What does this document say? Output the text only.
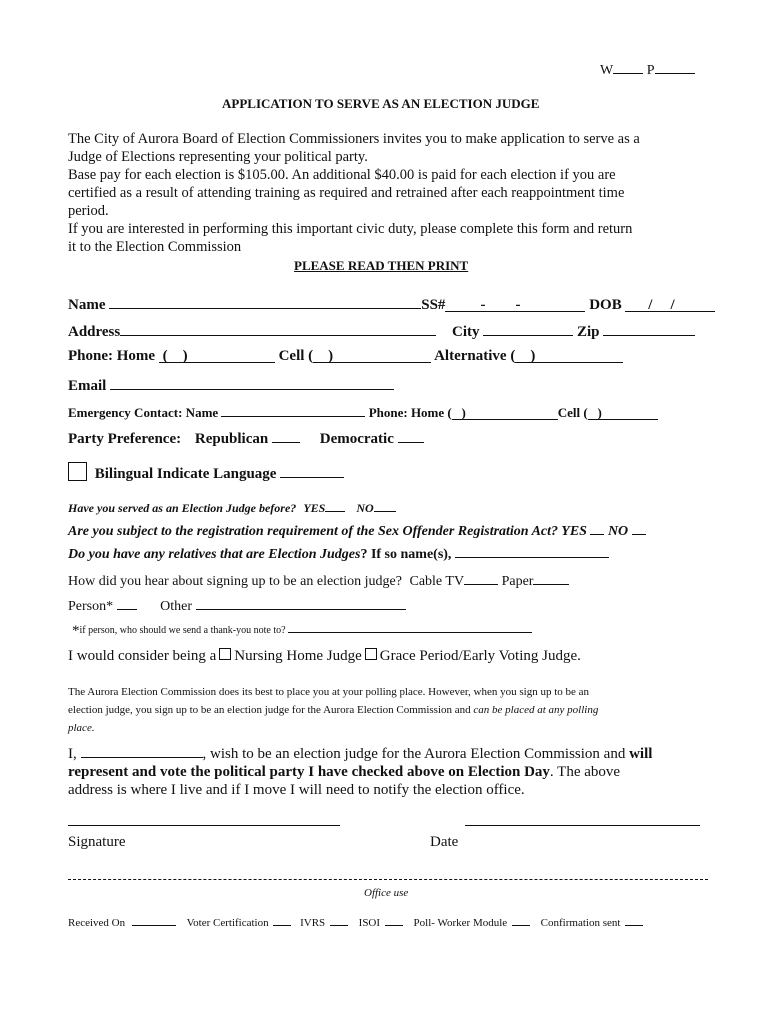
W P
APPLICATION TO SERVE AS AN ELECTION JUDGE
The City of Aurora Board of Election Commissioners invites you to make application to serve as a
Judge of Elections representing your political party.
Base pay for each election is $105.00. An additional $40.00 is paid for each election if you are
certified as a result of attending training as required and retrained after each reappointment time
period.
If you are interested in performing this important civic duty, please complete this form and return
it to the Election Commission
PLEASE READ THEN PRINT
Name	SS# --	DOB //
Address	City	Zip
Phone: Home ( )	Cell ( )	Alternative ( )
Email
Emergency Contact: Name	Phone: Home ( )	Cell ( )
Party Preference: Republican	Democratic
Bilingual Indicate Language
Have you served as an Election Judge before? YES	NO
Are you subject to the registration requirement of the Sex Offender Registration Act? YES NO
Do you have any relatives that are Election Judges? If so name(s),
How did you hear about signing up to be an election judge? Cable TV	Paper
Person*	Other
*if person, who should we send a thank-you note to?
I would consider being a Nursing Home Judge Grace Period/Early Voting Judge.
The Aurora Election Commission does its best to place you at your polling place. However, when you sign up to be an
election judge, you sign up to be an election judge for the Aurora Election Commission and can be placed at any polling
place.
I,	, wish to be an election judge for the Aurora Election Commission and will
represent and vote the political party I have checked above on Election Day. The above
address is where I live and if I move I will need to notify the election office.
Signature	Date
Office use
Received On	Voter Certification	IVRS	ISOI	Poll- Worker Module	Confirmation sent
